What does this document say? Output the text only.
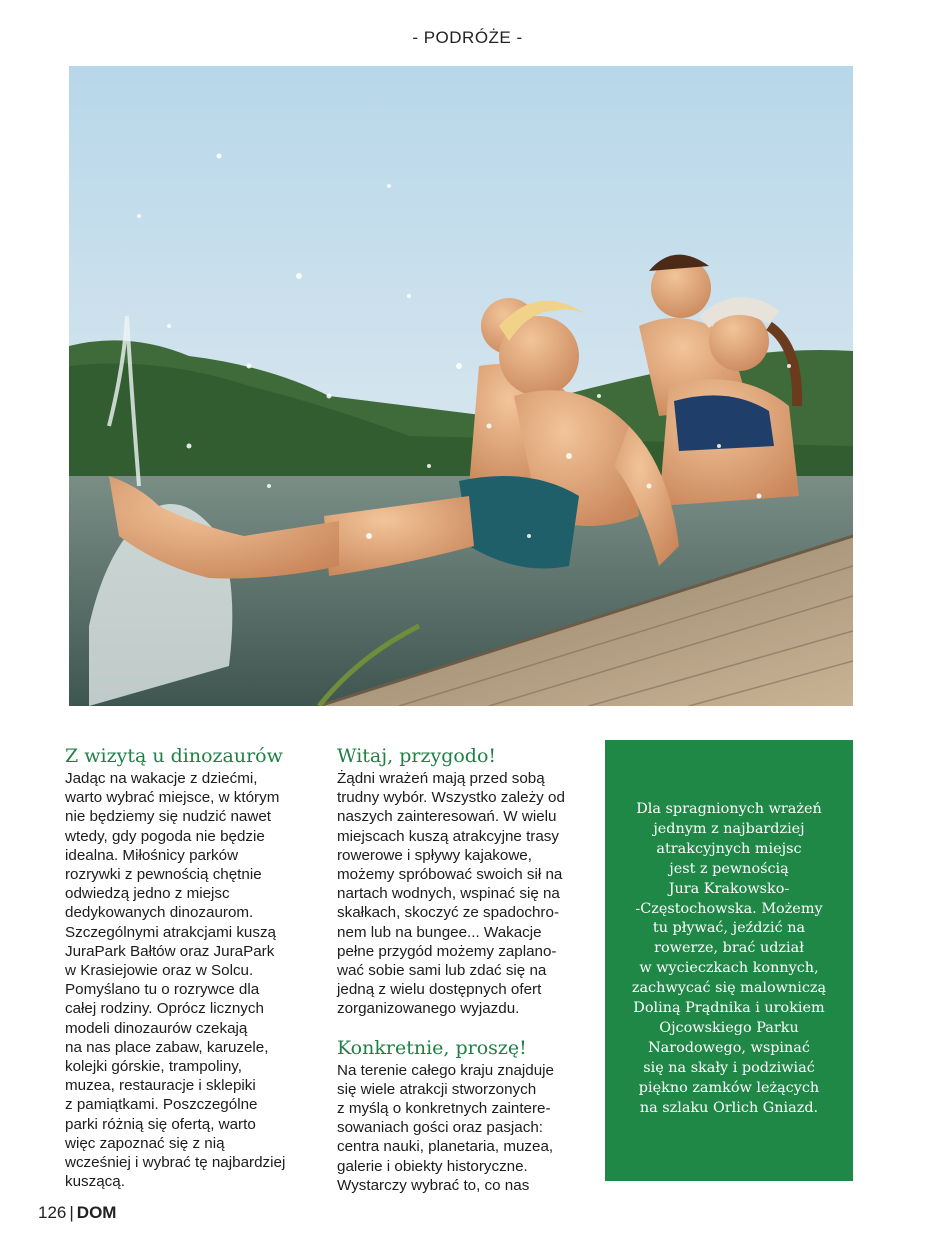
- PODRÓŻE -
Z wizytą u dinozaurów

Jadąc na wakacje z dziećmi,
warto wybrać miejsce, w którym
nie będziemy się nudzić nawet
wtedy, gdy pogoda nie będzie
idealna. Miłośnicy parków
rozrywki z pewnością chętnie
odwiedzą jedno z miejsc
dedykowanych dinozaurom.
Szczególnymi atrakcjami kuszą
JuraPark Bałtów oraz JuraPark
w Krasiejowie oraz w Solcu.
Pomyślano tu o rozrywce dla
całej rodziny. Oprócz licznych
modeli dinozaurów czekają
na nas place zabaw, karuzele,
kolejki górskie, trampoliny,
muzea, restauracje i sklepiki
z pamiątkami. Poszczególne
parki różnią się ofertą, warto
więc zapoznać się z nią
wcześniej i wybrać tę najbardziej
kuszącą.

Witaj, przygodo!

Żądni wrażeń mają przed sobą
trudny wybór. Wszystko zależy od
naszych zainteresowań. W wielu
miejscach kuszą atrakcyjne trasy
rowerowe i spływy kajakowe,
możemy spróbować swoich sił na
nartach wodnych, wspinać się na
skałkach, skoczyć ze spadochro-
nem lub na bungee... Wakacje
pełne przygód możemy zaplano-
wać sobie sami lub zdać się na
jedną z wielu dostępnych ofert
zorganizowanego wyjazdu.

Konkretnie, proszę!

Na terenie całego kraju znajduje
się wiele atrakcji stworzonych
z myślą o konkretnych zaintere-
sowaniach gości oraz pasjach:
centra nauki, planetaria, muzea,
galerie i obiekty historyczne.
Wystarczy wybrać to, co nas

Dla spragnionych wrażeń
jednym z najbardziej
atrakcyjnych miejsc
jest z pewnością
Jura Krakowsko-
-Częstochowska. Możemy
tu pływać, jeździć na
rowerze, brać udział
w wycieczkach konnych,
zachwycać się malowniczą
Doliną Prądnika i urokiem
Ojcowskiego Parku
Narodowego, wspinać
się na skały i podziwiać
piękno zamków leżących
na szlaku Orlich Gniazd.

126 | DOM
